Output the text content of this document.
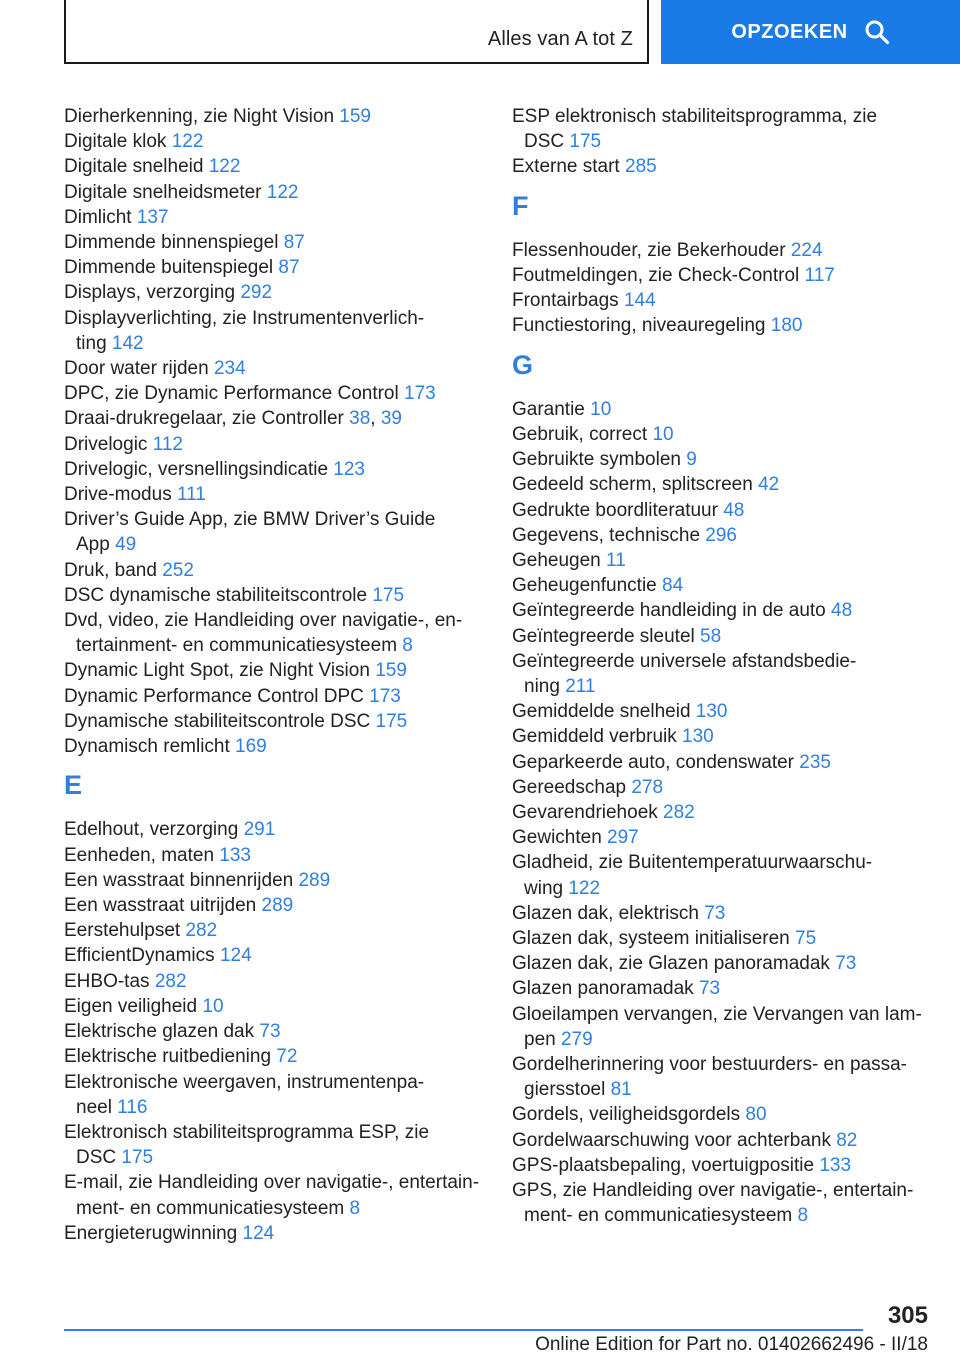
Alles van A tot Z	OPZOEKEN
Dierherkenning, zie Night Vision 159
Digitale klok 122
Digitale snelheid 122
Digitale snelheidsmeter 122
Dimlicht 137
Dimmende binnenspiegel 87
Dimmende buitenspiegel 87
Displays, verzorging 292
Displayverlichting, zie Instrumentenverlich-
ting 142
Door water rijden 234
DPC, zie Dynamic Performance Control 173
Draai-drukregelaar, zie Controller 38, 39
Drivelogic 112
Drivelogic, versnellingsindicatie 123
Drive-modus 111
Driver’s Guide App, zie BMW Driver’s Guide
App 49
Druk, band 252
DSC dynamische stabiliteitscontrole 175
Dvd, video, zie Handleiding over navigatie-, en-
tertainment- en communicatiesysteem 8
Dynamic Light Spot, zie Night Vision 159
Dynamic Performance Control DPC 173
Dynamische stabiliteitscontrole DSC 175
Dynamisch remlicht 169
E
Edelhout, verzorging 291
Eenheden, maten 133
Een wasstraat binnenrijden 289
Een wasstraat uitrijden 289
Eerstehulpset 282
EfficientDynamics 124
EHBO-tas 282
Eigen veiligheid 10
Elektrische glazen dak 73
Elektrische ruitbediening 72
Elektronische weergaven, instrumentenpa-
neel 116
Elektronisch stabiliteitsprogramma ESP, zie
DSC 175
E-mail, zie Handleiding over navigatie-, entertain-
ment- en communicatiesysteem 8
Energieterugwinning 124
ESP elektronisch stabiliteitsprogramma, zie
DSC 175
Externe start 285
F
Flessenhouder, zie Bekerhouder 224
Foutmeldingen, zie Check-Control 117
Frontairbags 144
Functiestoring, niveauregeling 180
G
Garantie 10
Gebruik, correct 10
Gebruikte symbolen 9
Gedeeld scherm, splitscreen 42
Gedrukte boordliteratuur 48
Gegevens, technische 296
Geheugen 11
Geheugenfunctie 84
Geïntegreerde handleiding in de auto 48
Geïntegreerde sleutel 58
Geïntegreerde universele afstandsbedie-
ning 211
Gemiddelde snelheid 130
Gemiddeld verbruik 130
Geparkeerde auto, condenswater 235
Gereedschap 278
Gevarendriehoek 282
Gewichten 297
Gladheid, zie Buitentemperatuurwaarschu-
wing 122
Glazen dak, elektrisch 73
Glazen dak, systeem initialiseren 75
Glazen dak, zie Glazen panoramadak 73
Glazen panoramadak 73
Gloeilampen vervangen, zie Vervangen van lam-
pen 279
Gordelherinnering voor bestuurders- en passa-
giersstoel 81
Gordels, veiligheidsgordels 80
Gordelwaarschuwing voor achterbank 82
GPS-plaatsbepaling, voertuigpositie 133
GPS, zie Handleiding over navigatie-, entertain-
ment- en communicatiesysteem 8
305
Online Edition for Part no. 01402662496 - II/18
